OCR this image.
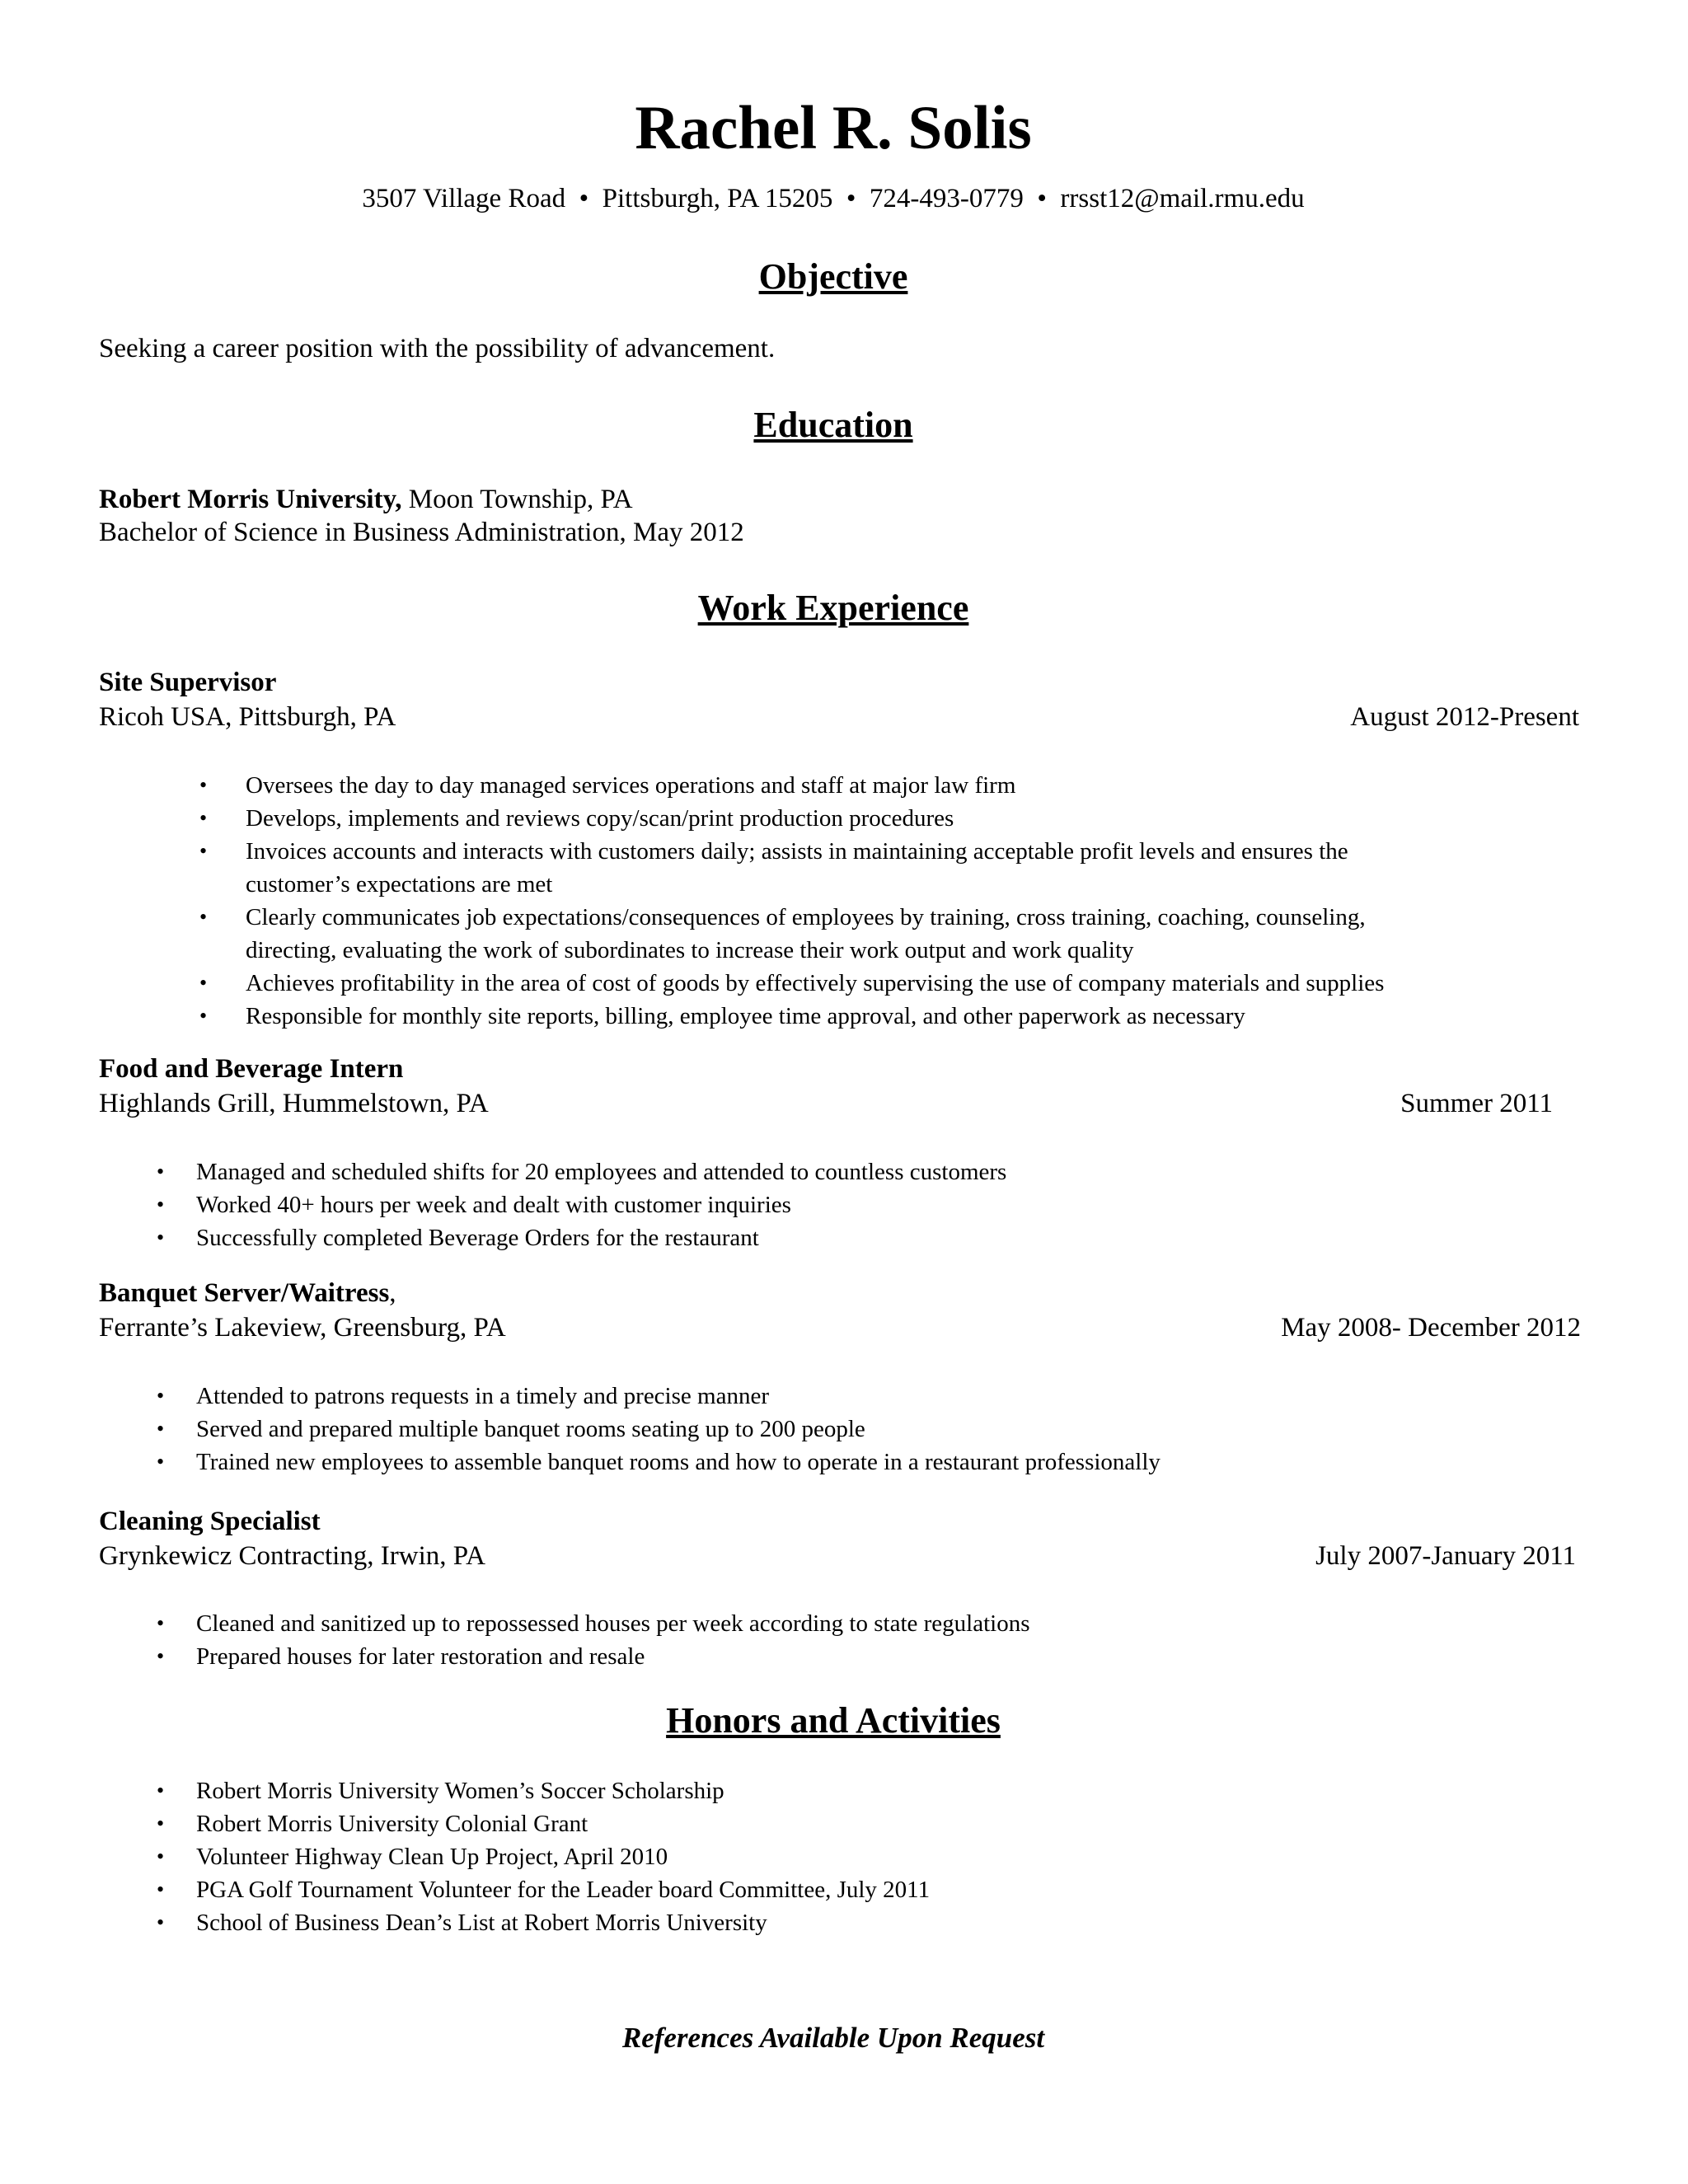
Rachel R. Solis
3507 Village Road  •  Pittsburgh, PA 15205  •  724-493-0779  •  rrsst12@mail.rmu.edu
Objective
Seeking a career position with the possibility of advancement.
Education
Robert Morris University, Moon Township, PA
Bachelor of Science in Business Administration, May 2012
Work Experience
Site Supervisor
Ricoh USA, Pittsburgh, PA	August 2012-Present
• Oversees the day to day managed services operations and staff at major law firm
• Develops, implements and reviews copy/scan/print production procedures
• Invoices accounts and interacts with customers daily; assists in maintaining acceptable profit levels and ensures the
customer’s expectations are met
• Clearly communicates job expectations/consequences of employees by training, cross training, coaching, counseling,
directing, evaluating the work of subordinates to increase their work output and work quality
• Achieves profitability in the area of cost of goods by effectively supervising the use of company materials and supplies
• Responsible for monthly site reports, billing, employee time approval, and other paperwork as necessary
Food and Beverage Intern
Highlands Grill, Hummelstown, PA	Summer 2011
• Managed and scheduled shifts for 20 employees and attended to countless customers
• Worked 40+ hours per week and dealt with customer inquiries
• Successfully completed Beverage Orders for the restaurant
Banquet Server/Waitress,
Ferrante’s Lakeview, Greensburg, PA	May 2008- December 2012
• Attended to patrons requests in a timely and precise manner
• Served and prepared multiple banquet rooms seating up to 200 people
• Trained new employees to assemble banquet rooms and how to operate in a restaurant professionally
Cleaning Specialist
Grynkewicz Contracting, Irwin, PA	July 2007-January 2011
• Cleaned and sanitized up to repossessed houses per week according to state regulations
• Prepared houses for later restoration and resale
Honors and Activities
• Robert Morris University Women’s Soccer Scholarship
• Robert Morris University Colonial Grant
• Volunteer Highway Clean Up Project, April 2010
• PGA Golf Tournament Volunteer for the Leader board Committee, July 2011
• School of Business Dean’s List at Robert Morris University
References Available Upon Request
